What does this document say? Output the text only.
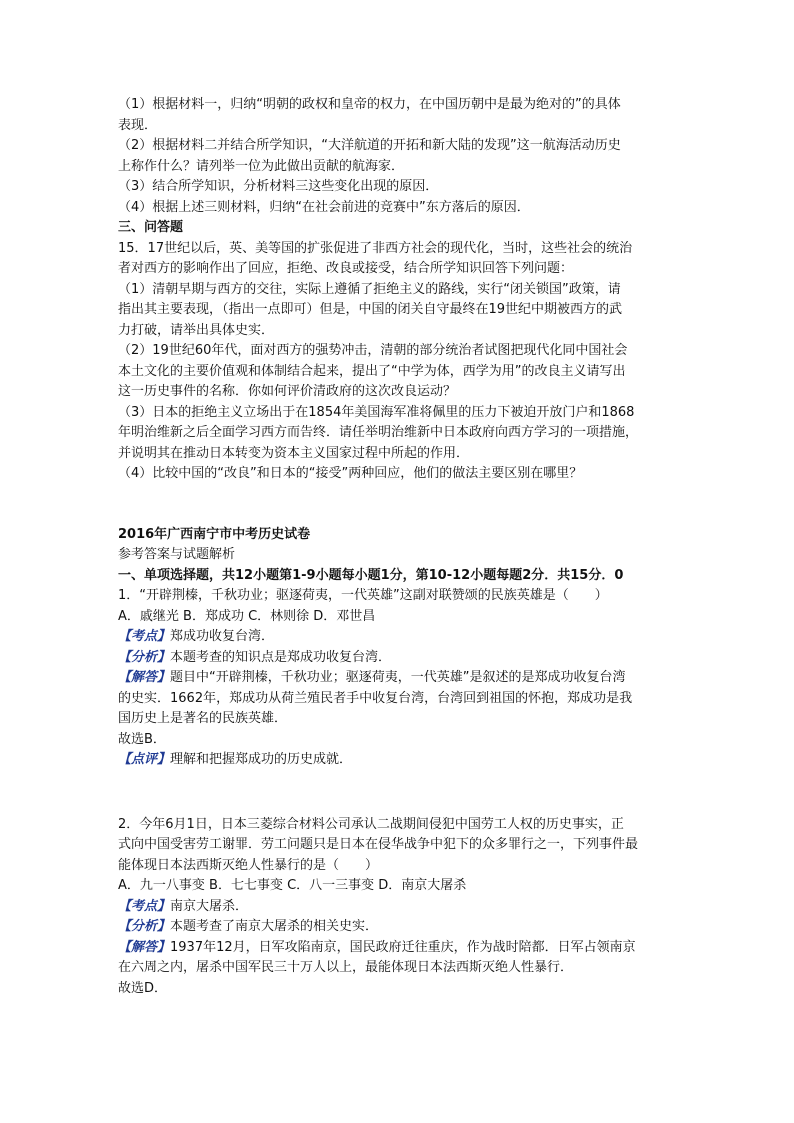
（1）根据材料一，归纳“明朝的政权和皇帝的权力，在中国历朝中是最为绝对的”的具体
表现．
（2）根据材料二并结合所学知识，“大洋航道的开拓和新大陆的发现”这一航海活动历史
上称作什么？请列举一位为此做出贡献的航海家．
（3）结合所学知识，分析材料三这些变化出现的原因．
（4）根据上述三则材料，归纳“在社会前进的竞赛中”东方落后的原因．
三、问答题
15．17世纪以后，英、美等国的扩张促进了非西方社会的现代化，当时，这些社会的统治
者对西方的影响作出了回应，拒绝、改良或接受，结合所学知识回答下列问题：
（1）清朝早期与西方的交往，实际上遵循了拒绝主义的路线，实行“闭关锁国”政策，请
指出其主要表现，（指出一点即可）但是，中国的闭关自守最终在19世纪中期被西方的武
力打破，请举出具体史实．
（2）19世纪60年代，面对西方的强势冲击，清朝的部分统治者试图把现代化同中国社会
本土文化的主要价值观和体制结合起来，提出了“中学为体，西学为用”的改良主义请写出
这一历史事件的名称．你如何评价清政府的这次改良运动？
（3）日本的拒绝主义立场出于在1854年美国海军准将佩里的压力下被迫开放门户和1868
年明治维新之后全面学习西方而告终．请任举明治维新中日本政府向西方学习的一项措施，
并说明其在推动日本转变为资本主义国家过程中所起的作用．
（4）比较中国的“改良”和日本的“接受”两种回应，他们的做法主要区别在哪里？
2016年广西南宁市中考历史试卷
参考答案与试题解析
一、单项选择题，共12小题第1-9小题每小题1分，第10-12小题每题2分．共15分．0
1．“开辟荆榛，千秋功业；驱逐荷夷，一代英雄”这副对联赞颂的民族英雄是（　　）
A．戚继光 B．郑成功 C．林则徐 D．邓世昌
【考点】郑成功收复台湾．
【分析】本题考查的知识点是郑成功收复台湾．
【解答】题目中“开辟荆榛，千秋功业；驱逐荷夷，一代英雄”是叙述的是郑成功收复台湾
的史实．1662年，郑成功从荷兰殖民者手中收复台湾，台湾回到祖国的怀抱，郑成功是我
国历史上是著名的民族英雄．
故选B．
【点评】理解和把握郑成功的历史成就．
2．今年6月1日，日本三菱综合材料公司承认二战期间侵犯中国劳工人权的历史事实，正
式向中国受害劳工谢罪．劳工问题只是日本在侵华战争中犯下的众多罪行之一，下列事件最
能体现日本法西斯灭绝人性暴行的是（　　）
A．九一八事变 B．七七事变 C．八一三事变 D．南京大屠杀
【考点】南京大屠杀．
【分析】本题考查了南京大屠杀的相关史实．
【解答】1937年12月，日军攻陷南京，国民政府迁往重庆，作为战时陪都．日军占领南京
在六周之内，屠杀中国军民三十万人以上，最能体现日本法西斯灭绝人性暴行．
故选D．
